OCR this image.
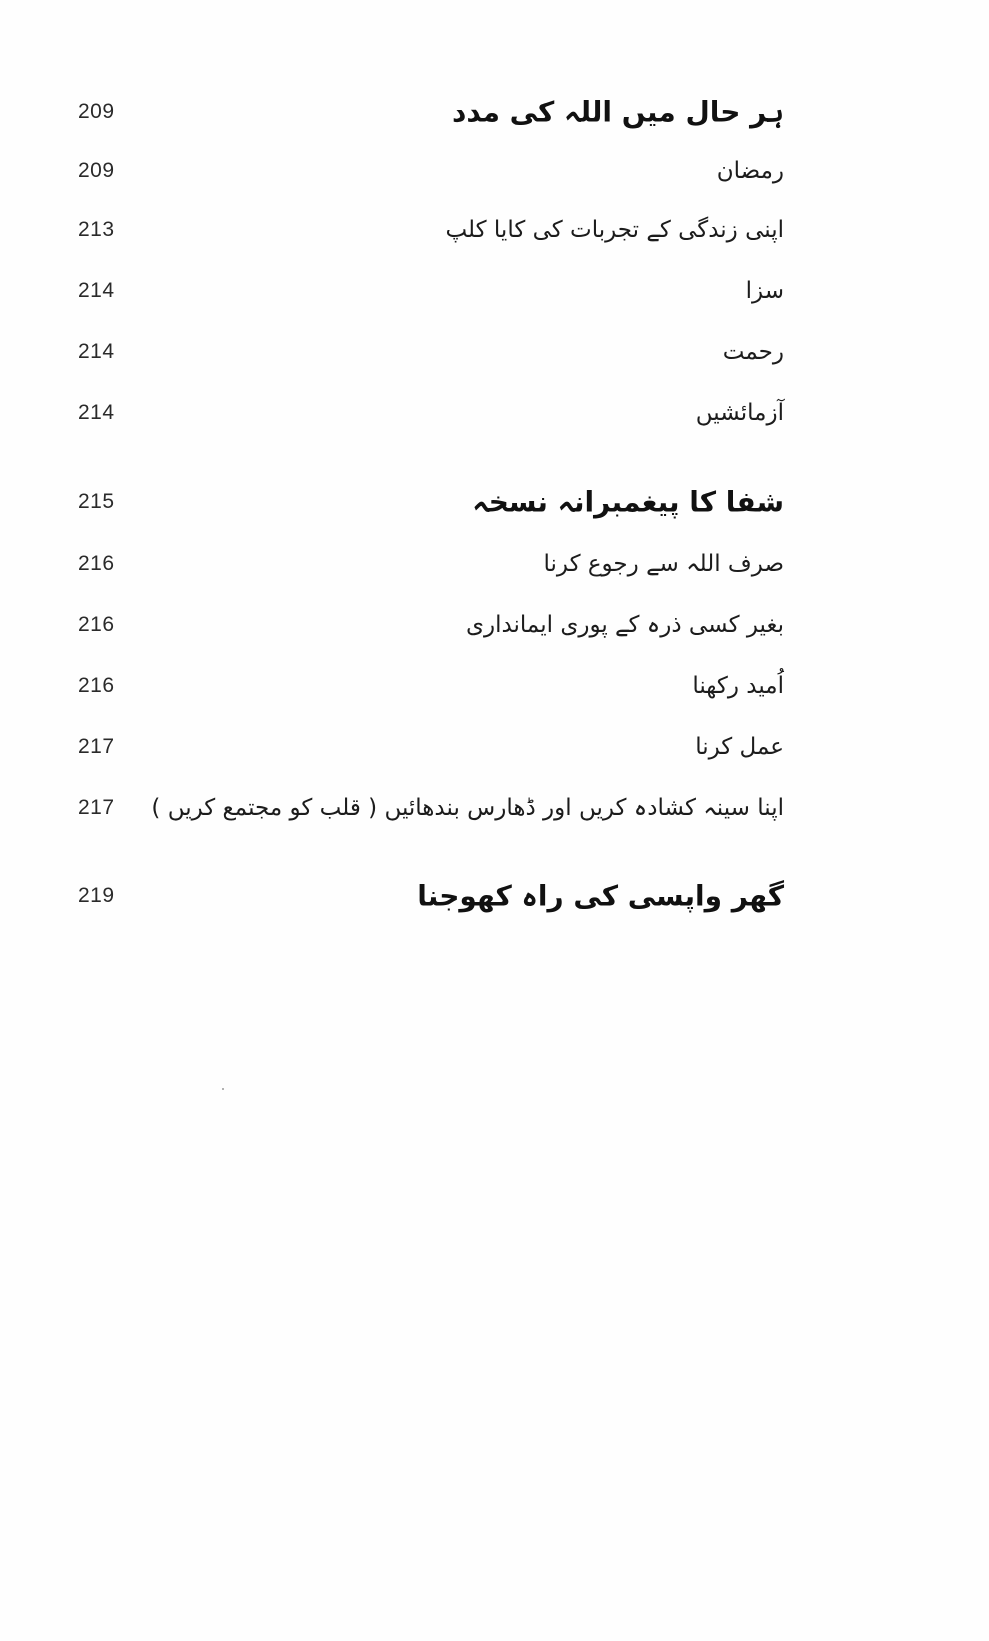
ہر حال میں اللہ کی مدد
209
رمضان
209
اپنی زندگی کے تجربات کی کایا کلپ
213
سزا
214
رحمت
214
آزمائشیں
214
شفا کا پیغمبرانہ نسخہ
215
صرف اللہ سے رجوع کرنا
216
بغیر کسی ذرہ کے پوری ایمانداری
216
اُمید رکھنا
216
عمل کرنا
217
اپنا سینہ کشادہ کریں اور ڈھارس بندھائیں ( قلب کو مجتمع کریں )
217
گھر واپسی کی راہ کھوجنا
219
